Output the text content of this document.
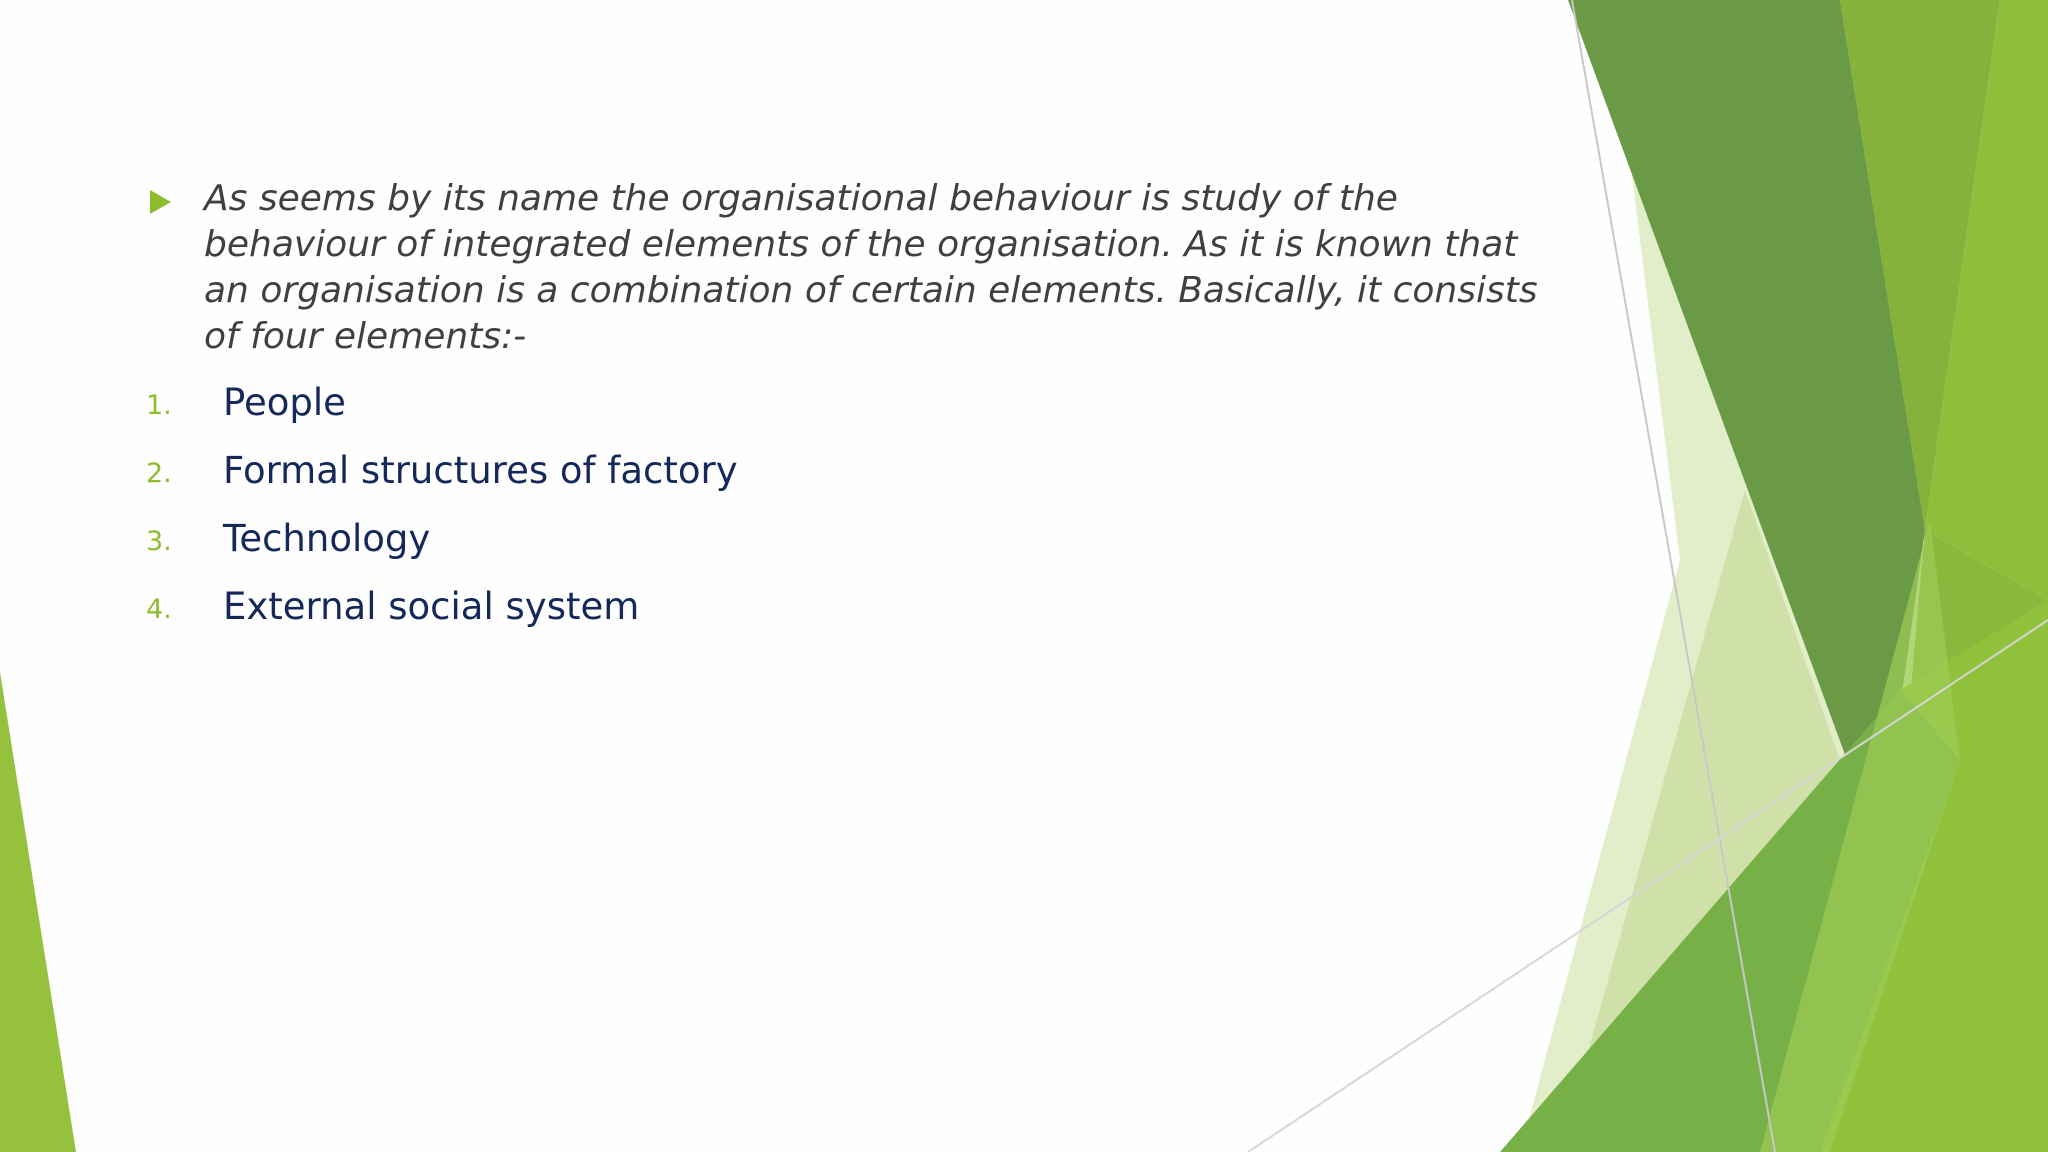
As seems by its name the organisational behaviour is study of the behaviour of integrated elements of the organisation. As it is known that an organisation is a combination of certain elements. Basically, it consists of four elements:-

1. People
2. Formal structures of factory
3. Technology
4. External social system
